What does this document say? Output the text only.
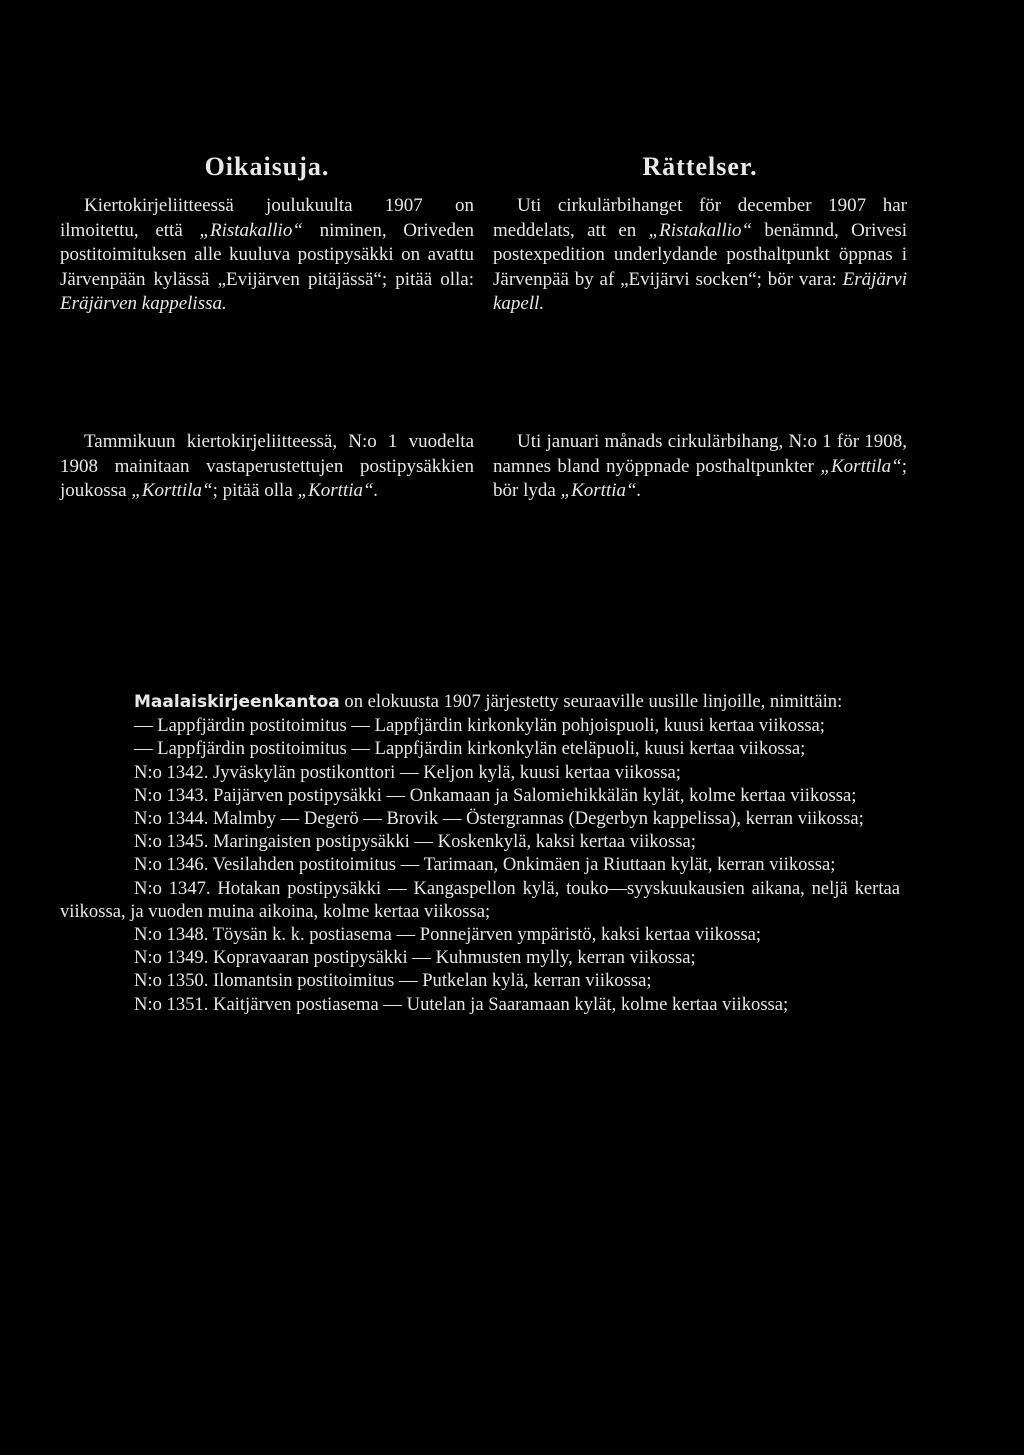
Oikaisuja.

Kiertokirjeliitteessä joulukuulta 1907 on ilmoitettu, että „Ristakallio“ niminen, Oriveden postitoimituksen alle kuuluva postipysäkki on avattu Järvenpään kylässä „Evijärven pitäjässä“; pitää olla: Eräjärven kappelissa.

Rättelser.

Uti cirkulärbihanget för december 1907 har meddelats, att en „Ristakallio“ benämnd, Orivesi postexpedition underlydande posthaltpunkt öppnas i Järvenpää by af „Evijärvi socken“; bör vara: Eräjärvi kapell.

Tammikuun kiertokirjeliitteessä, N:o 1 vuodelta 1908 mainitaan vastaperustettujen postipysäkkien joukossa „Korttila“; pitää olla „Korttia“.

Uti januari månads cirkulärbihang, N:o 1 för 1908, namnes bland nyöppnade posthaltpunkter „Korttila“; bör lyda „Korttia“.

Maalaiskirjeenkantoa on elokuusta 1907 järjestetty seuraaville uusille linjoille, nimittäin:

— Lappfjärdin postitoimitus — Lappfjärdin kirkonkylän pohjoispuoli, kuusi kertaa viikossa;

— Lappfjärdin postitoimitus — Lappfjärdin kirkonkylän eteläpuoli, kuusi kertaa viikossa;

N:o 1342. Jyväskylän postikonttori — Keljon kylä, kuusi kertaa viikossa;

N:o 1343. Paijärven postipysäkki — Onkamaan ja Salomiehikkälän kylät, kolme kertaa viikossa;

N:o 1344. Malmby — Degerö — Brovik — Östergrannas (Degerbyn kappelissa), kerran viikossa;

N:o 1345. Maringaisten postipysäkki — Koskenkylä, kaksi kertaa viikossa;

N:o 1346. Vesilahden postitoimitus — Tarimaan, Onkimäen ja Riuttaan kylät, kerran viikossa;

N:o 1347. Hotakan postipysäkki — Kangaspellon kylä, touko—syyskuukausien aikana, neljä kertaa viikossa, ja vuoden muina aikoina, kolme kertaa viikossa;

N:o 1348. Töysän k. k. postiasema — Ponnejärven ympäristö, kaksi kertaa viikossa;

N:o 1349. Kopravaaran postipysäkki — Kuhmusten mylly, kerran viikossa;

N:o 1350. Ilomantsin postitoimitus — Putkelan kylä, kerran viikossa;

N:o 1351. Kaitjärven postiasema — Uutelan ja Saaramaan kylät, kolme kertaa viikossa;
